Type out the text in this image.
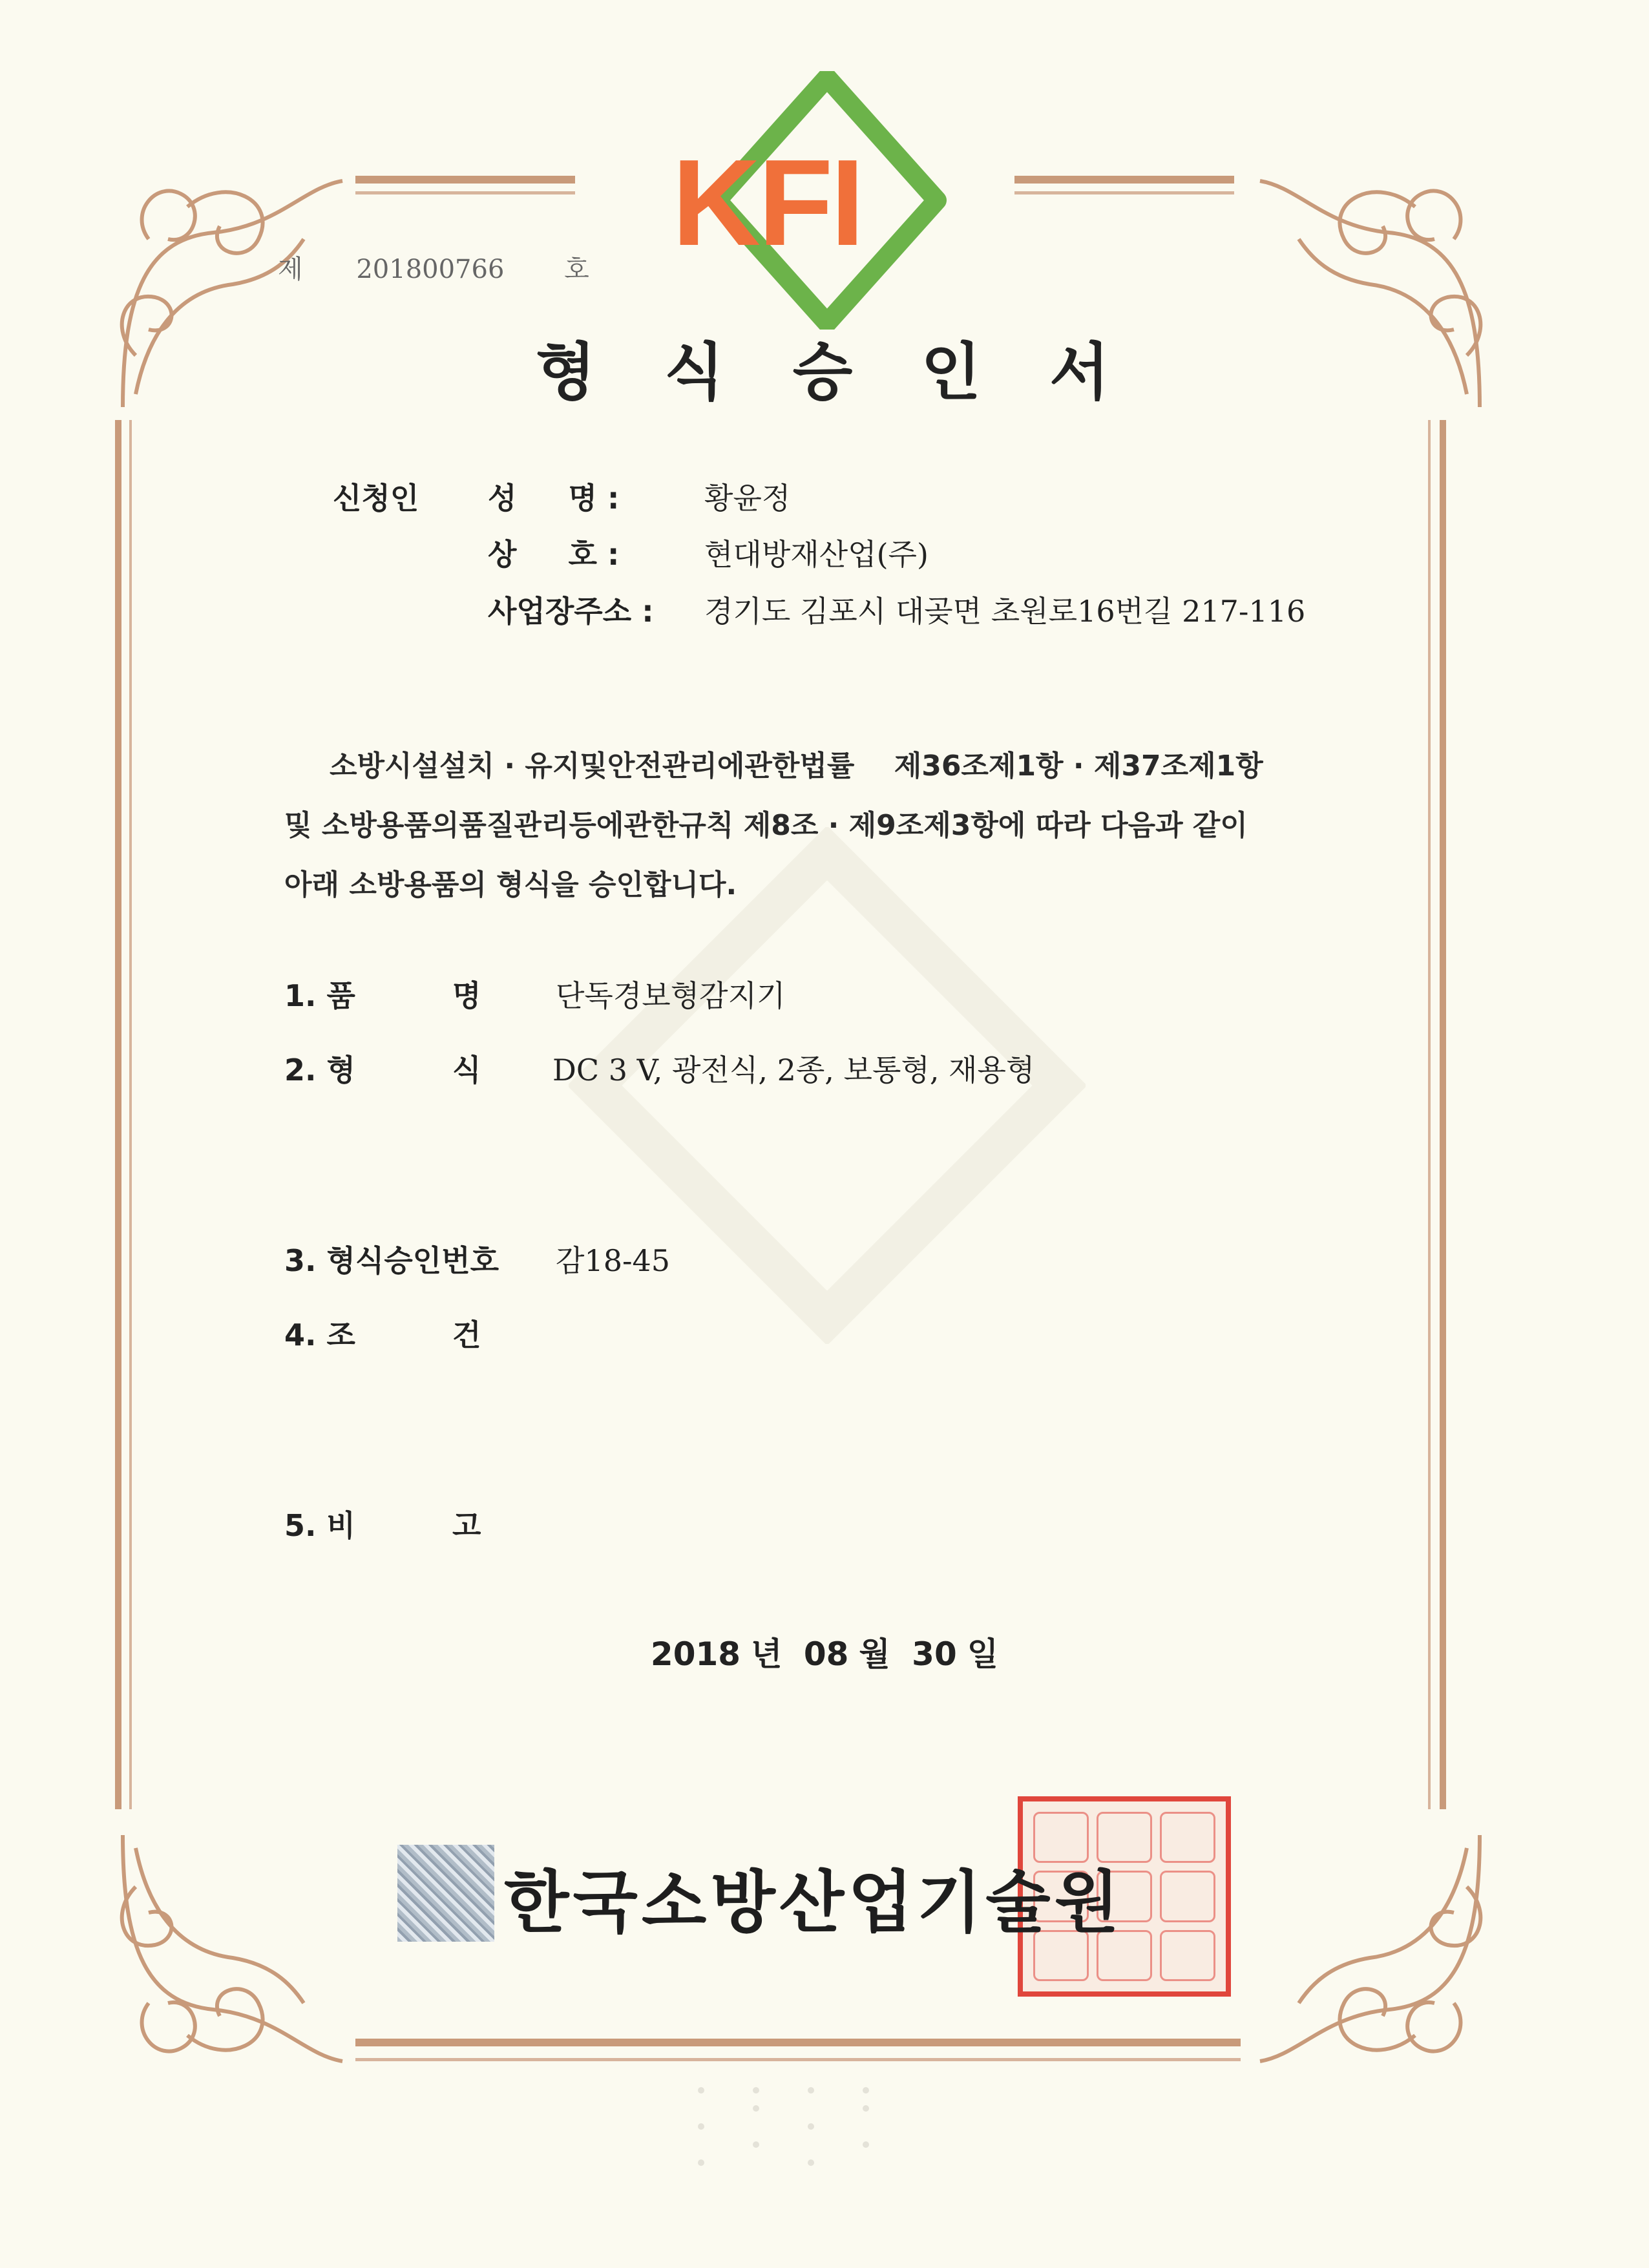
KFI
제 201800766 호
형 식 승 인 서
신청인 성     명 :	황윤정
상     호 :	현대방재산업(주)
사업장주소 : 경기도 김포시 대곶면 초원로16번길 217-116
소방시설설치 · 유지및안전관리에관한법률    제36조제1항 · 제37조제1항
및 소방용품의품질관리등에관한규칙 제8조 · 제9조제3항에 따라 다음과 같이
아래 소방용품의 형식을 승인합니다.
1. 품	명	단독경보형감지기
2. 형	식 DC 3 V, 광전식, 2종, 보통형, 재용형
3. 형식승인번호 감18-45
4. 조	건
5. 비	고
2018 년 08 월 30 일
한국소방산업기술원
